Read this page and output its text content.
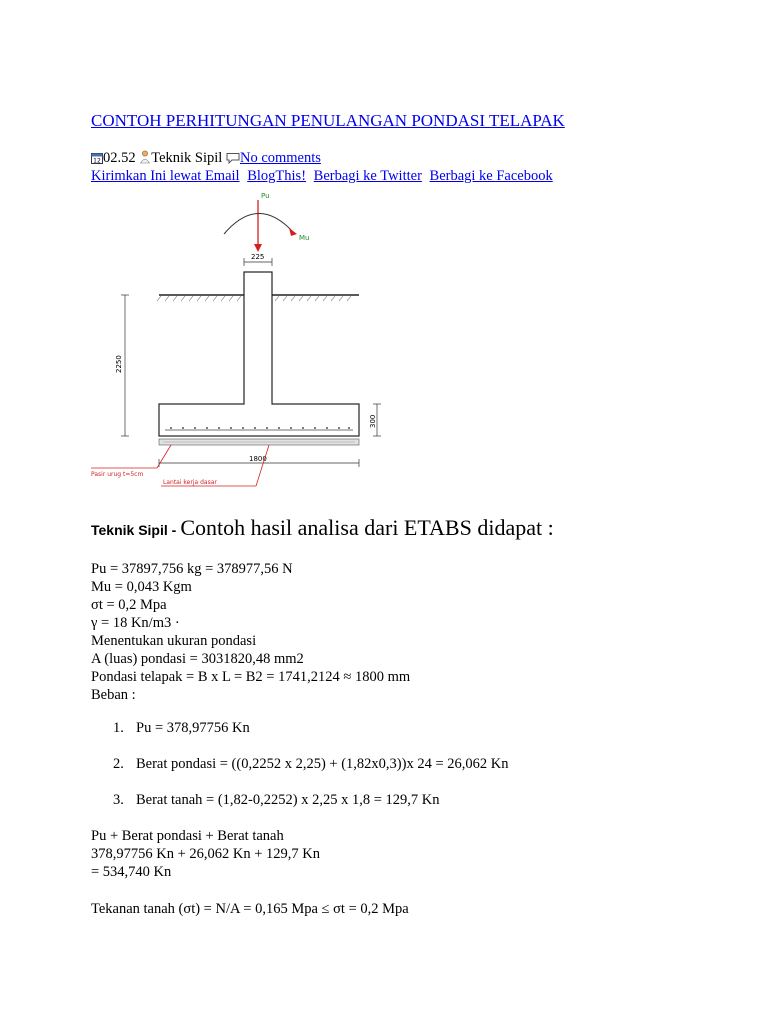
CONTOH PERHITUNGAN PENULANGAN PONDASI TELAPAK
12 02.52 Teknik Sipil No comments
Kirimkan Ini lewat Email BlogThis! Berbagi ke Twitter Berbagi ke Facebook
Pu
Mu
225
2250
300
1800
Pasir urug t=5cm
Lantai kerja dasar
Teknik Sipil - Contoh hasil analisa dari ETABS didapat :
Pu = 37897,756 kg = 378977,56 N
Mu = 0,043 Kgm
σt = 0,2 Mpa
γ = 18 Kn/m3 ·
Menentukan ukuran pondasi
A (luas) pondasi = 3031820,48 mm2
Pondasi telapak = B x L = B2 = 1741,2124 ≈ 1800 mm
Beban :
1. Pu = 378,97756 Kn
2. Berat pondasi = ((0,2252 x 2,25) + (1,82x0,3))x 24 = 26,062 Kn
3. Berat tanah = (1,82-0,2252) x 2,25 x 1,8 = 129,7 Kn
Pu + Berat pondasi + Berat tanah
378,97756 Kn + 26,062 Kn + 129,7 Kn
= 534,740 Kn
Tekanan tanah (σt) = N/A = 0,165 Mpa ≤ σt = 0,2 Mpa
